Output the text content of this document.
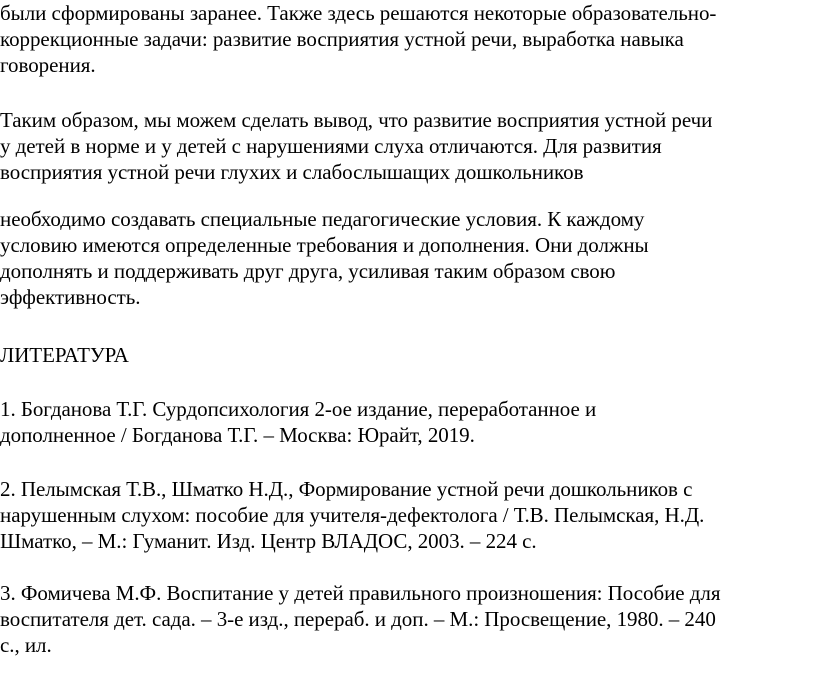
были сформированы заранее. Также здесь решаются некоторые образовательно-
коррекционные задачи: развитие восприятия устной речи, выработка навыка
говорения.
Таким образом, мы можем сделать вывод, что развитие восприятия устной речи
у детей в норме и у детей с нарушениями слуха отличаются. Для развития
восприятия устной речи глухих и слабослышащих дошкольников
необходимо создавать специальные педагогические условия. К каждому
условию имеются определенные требования и дополнения. Они должны
дополнять и поддерживать друг друга, усиливая таким образом свою
эффективность.
ЛИТЕРАТУРА
1. Богданова Т.Г. Сурдопсихология 2-ое издание, переработанное и
дополненное / Богданова Т.Г. – Москва: Юрайт, 2019.
2. Пелымская Т.В., Шматко Н.Д., Формирование устной речи дошкольников с
нарушенным слухом: пособие для учителя-дефектолога / Т.В. Пелымская, Н.Д.
Шматко, – М.: Гуманит. Изд. Центр ВЛАДОС, 2003. – 224 с.
3. Фомичева М.Ф. Воспитание у детей правильного произношения: Пособие для
воспитателя дет. сада. – 3-е изд., перераб. и доп. – М.: Просвещение, 1980. – 240
с., ил.
